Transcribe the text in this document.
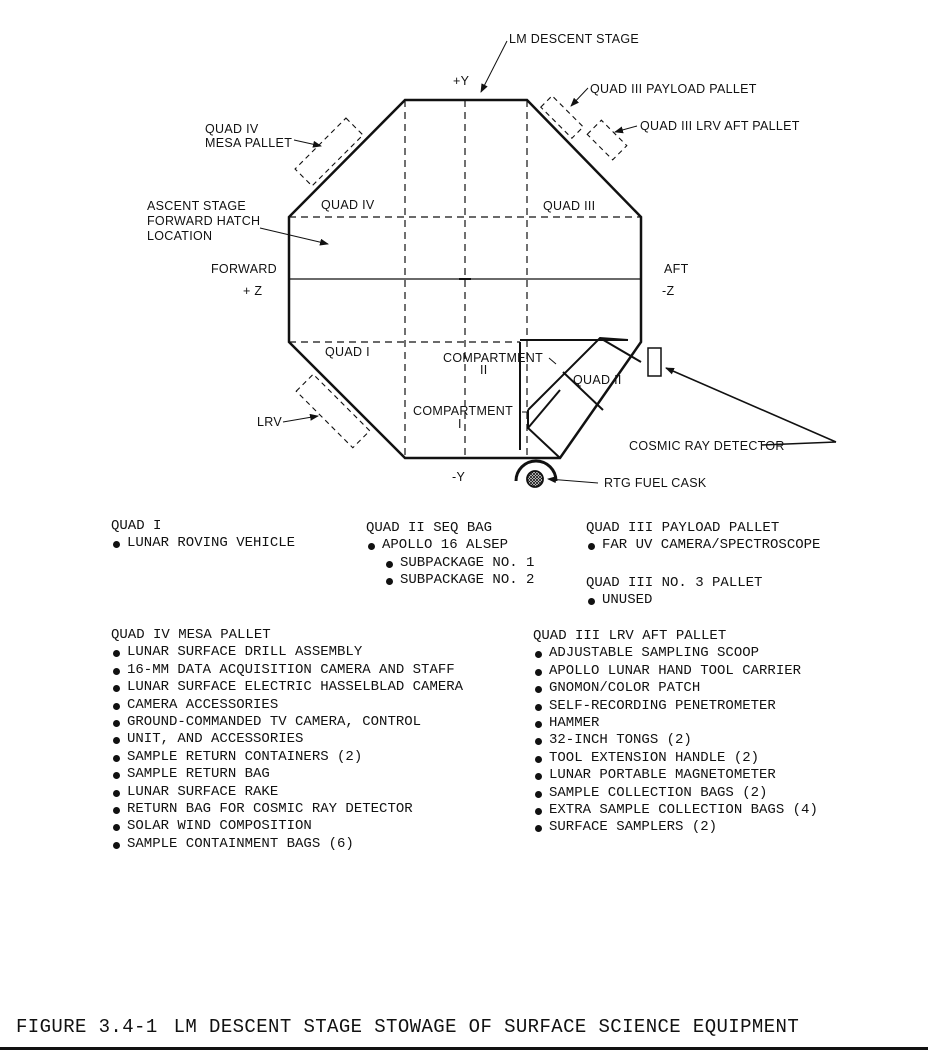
LM DESCENT STAGE
+Y
QUAD III PAYLOAD PALLET
QUAD III LRV AFT PALLET
QUAD IV
MESA PALLET
ASCENT STAGE
FORWARD HATCH
LOCATION
QUAD IV	QUAD III
FORWARD
+ Z
AFT
-Z
QUAD I	COMPARTMENT
II
QUAD II
COMPARTMENT
I
LRV
COSMIC RAY DETECTOR
-Y	RTG FUEL CASK
QUAD I
LUNAR ROVING VEHICLE
QUAD II SEQ BAG
APOLLO 16 ALSEP
SUBPACKAGE NO. 1
SUBPACKAGE NO. 2
QUAD III PAYLOAD PALLET
FAR UV CAMERA/SPECTROSCOPE
QUAD III NO. 3 PALLET
UNUSED
QUAD IV MESA PALLET
LUNAR SURFACE DRILL ASSEMBLY
16-MM DATA ACQUISITION CAMERA AND STAFF
LUNAR SURFACE ELECTRIC HASSELBLAD CAMERA
CAMERA ACCESSORIES
GROUND-COMMANDED TV CAMERA, CONTROL
UNIT, AND ACCESSORIES
SAMPLE RETURN CONTAINERS (2)
SAMPLE RETURN BAG
LUNAR SURFACE RAKE
RETURN BAG FOR COSMIC RAY DETECTOR
SOLAR WIND COMPOSITION
SAMPLE CONTAINMENT BAGS (6)
QUAD III LRV AFT PALLET
ADJUSTABLE SAMPLING SCOOP
APOLLO LUNAR HAND TOOL CARRIER
GNOMON/COLOR PATCH
SELF-RECORDING PENETROMETER
HAMMER
32-INCH TONGS (2)
TOOL EXTENSION HANDLE (2)
LUNAR PORTABLE MAGNETOMETER
SAMPLE COLLECTION BAGS (2)
EXTRA SAMPLE COLLECTION BAGS (4)
SURFACE SAMPLERS (2)
FIGURE 3.4-1 LM DESCENT STAGE STOWAGE OF SURFACE SCIENCE EQUIPMENT
